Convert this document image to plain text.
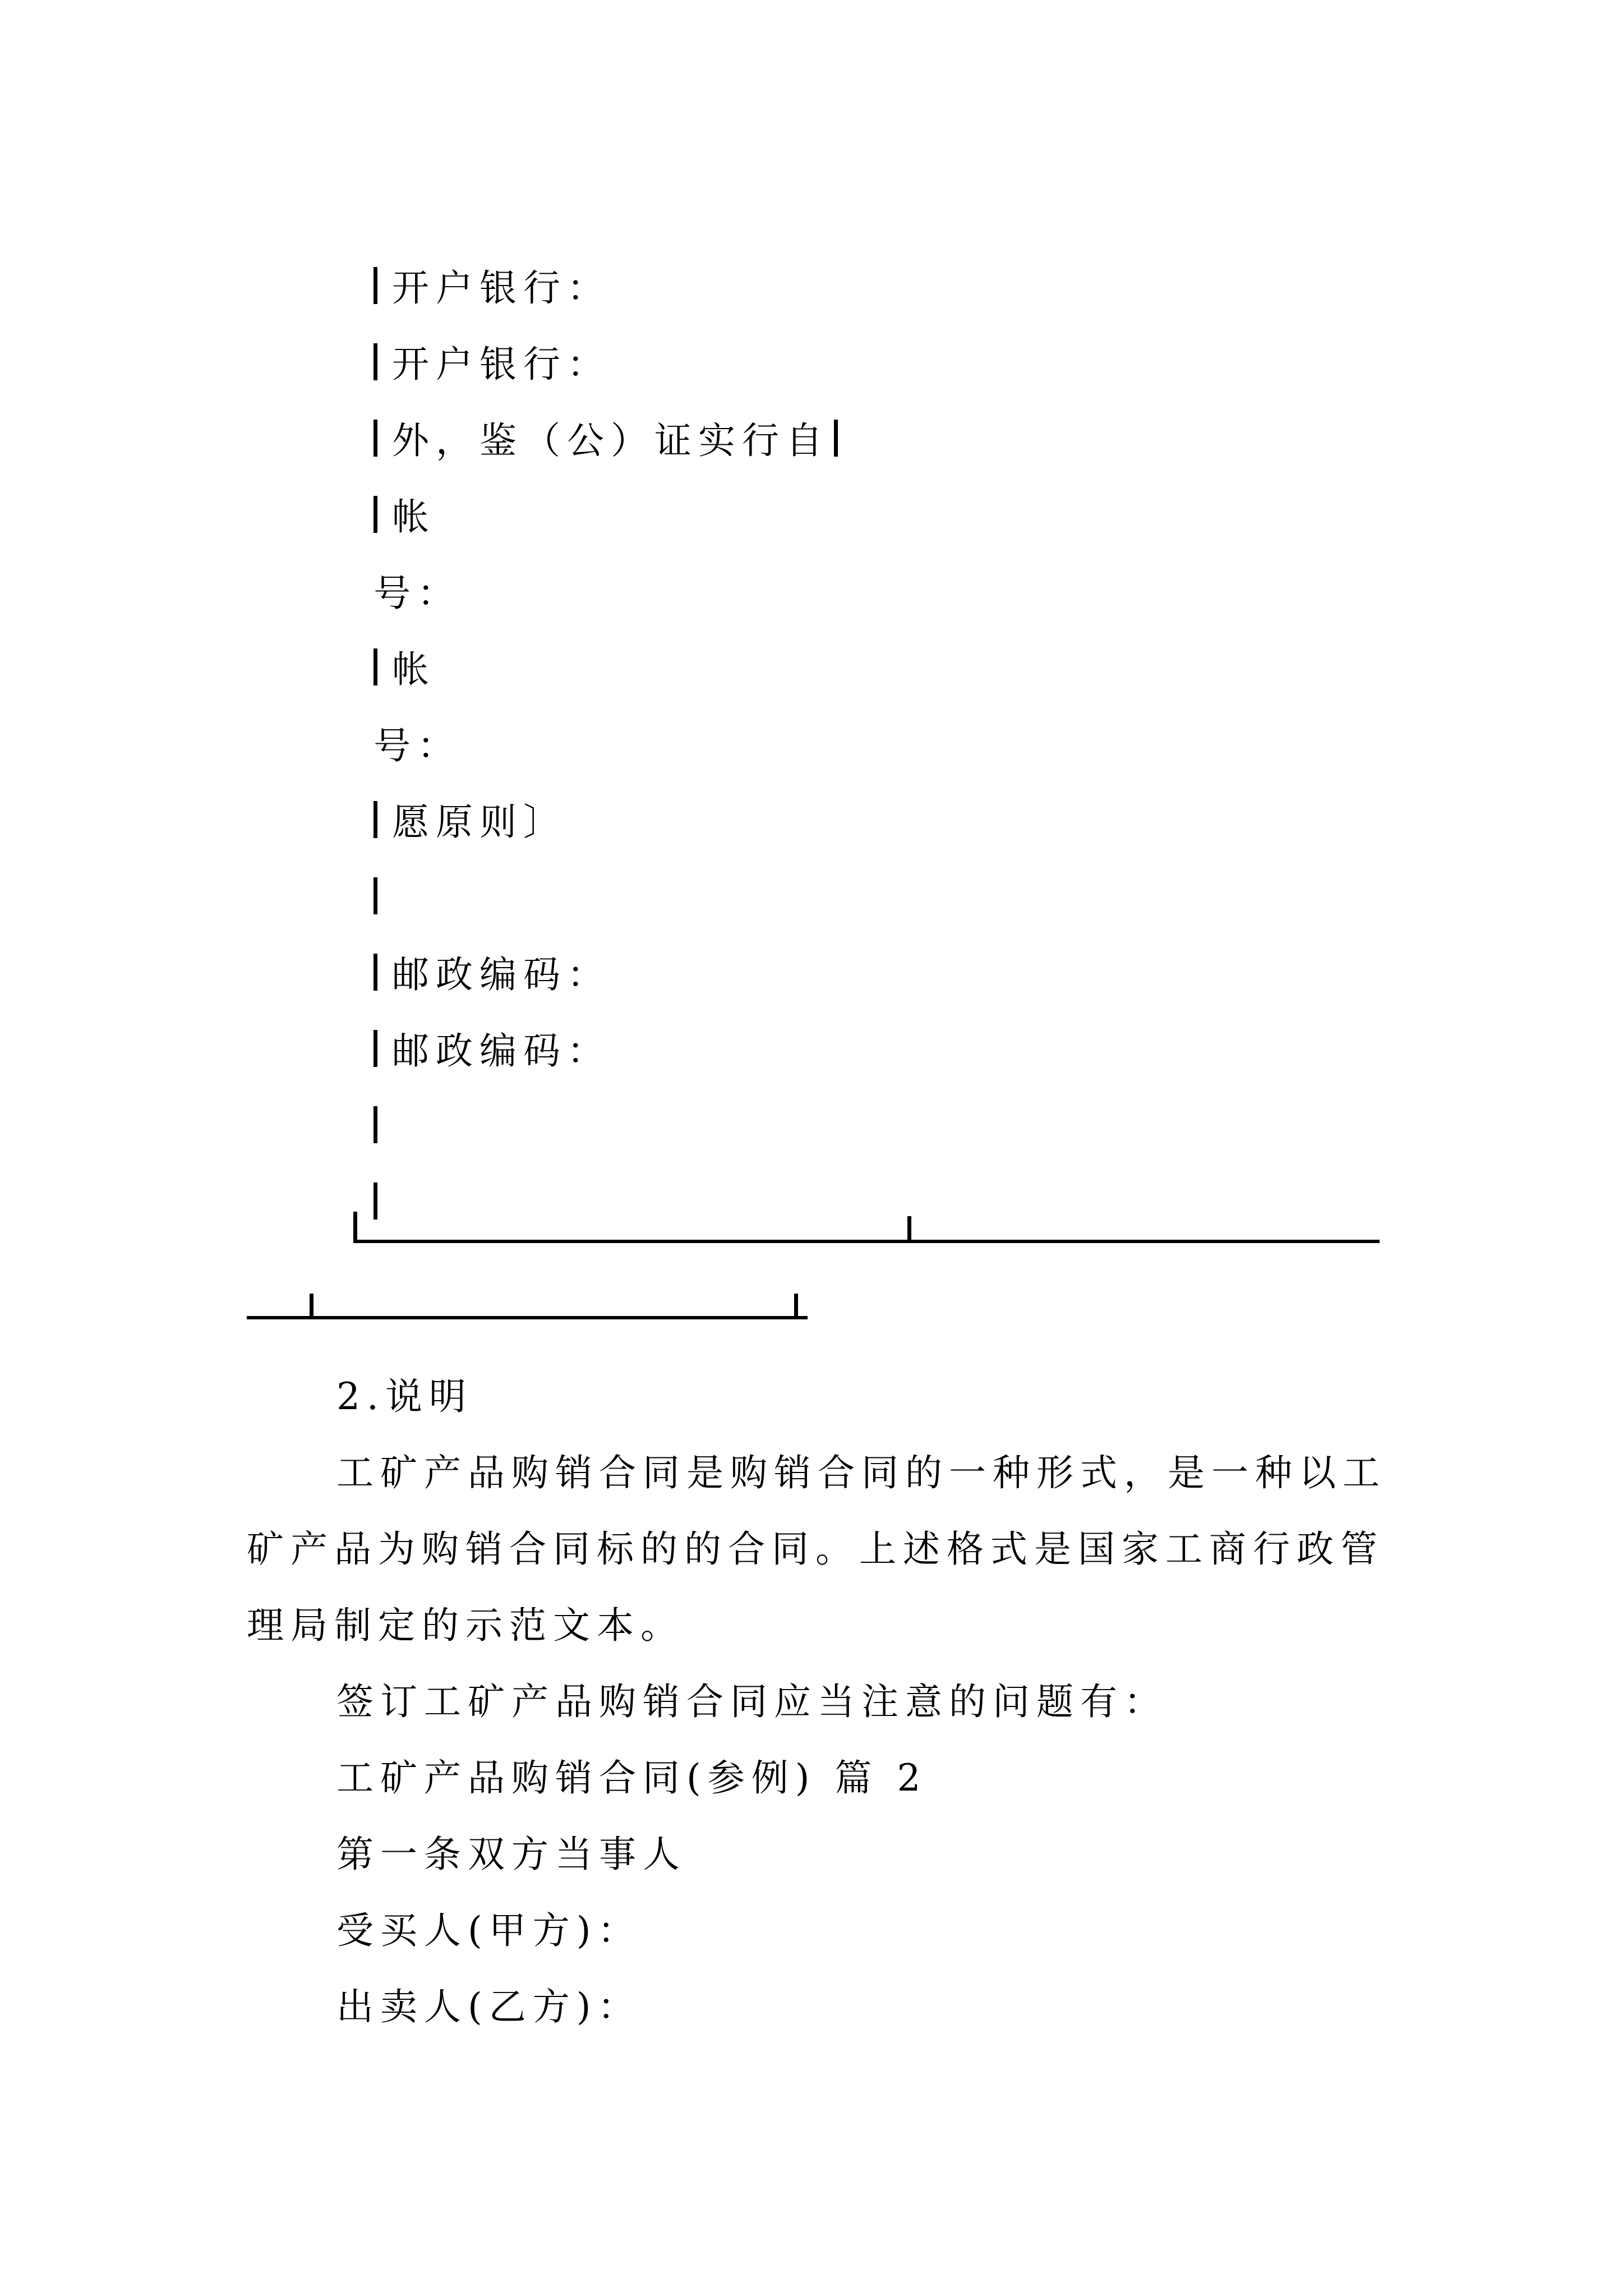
开户银行：

开户银行：

外，鉴（公）证实行自

帐

号：

帐

号：

愿原则〕

邮政编码：

邮政编码：

2.说明
工矿产品购销合同是购销合同的一种形式，是一种以工
矿产品为购销合同标的的合同。上述格式是国家工商行政管
理局制定的示范文本。
签订工矿产品购销合同应当注意的问题有：
工矿产品购销合同(参例) 篇 2
第一条双方当事人
受买人(甲方)：
出卖人(乙方)：
